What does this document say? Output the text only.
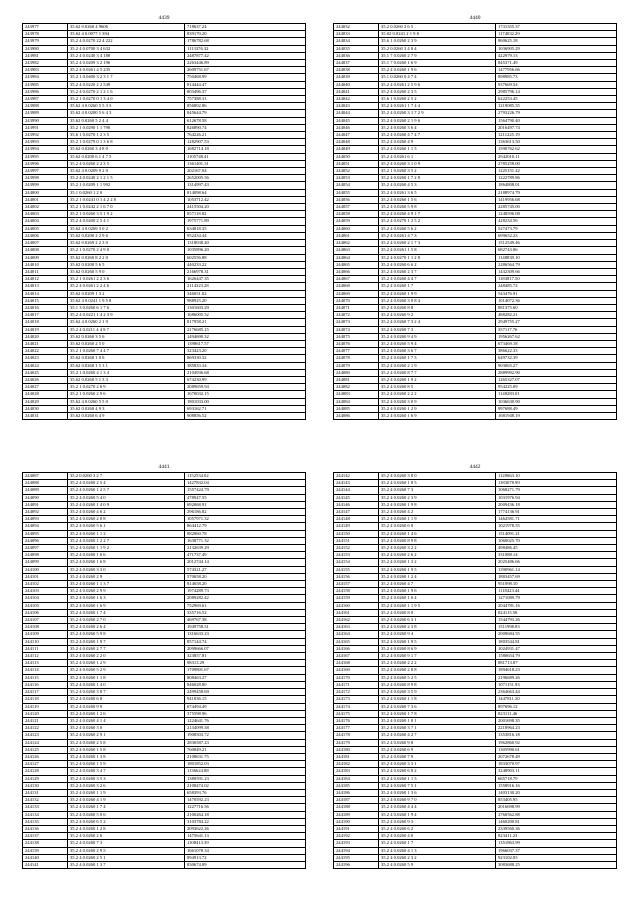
4439
243977	35.62 0.0260 4 9606	718637.24	
243978	35.62 4 0.0077 1 394	839170.20	
243979	35.2 4 0.0270 22 4 222	1786782.68	
243980	35.2 4 0.0700 3 4 632	1113376.32	
243981	35.2 4 0.0240 3 4 188	2487877.42	
243982	35.2 4 0.0209 3 2 196	2263446.89	
243983	35.2 4 0.0261 4 5 235	2609751.67	
243984	35.2 1 0.0400 3 2 3 1 7	750468.99	
243985	35.2 4 0.0220 2 2 549	814444.47	
243986	35.2 4 0.0270 2 1 2 1 6	803496.37	
243987	35.2 1 0.0270 0 1 3 4 0	757388.31	
243988	35.62 4 0.0260 5 5 3 3	856802.86	
243989	35.62 4 0.0200 5 6 4 3	845644.79	
243990	35.62 0.0260 5 2 4 4	612678.58	
243991	35.2 1 0.0290 1 1 790	826890.74	
243992	35.6 1 0.0270 1 2 3 5	764226.21	
243993	35.2 1 0.0279 0 1 3 6 8	1282907.53	
243994	35.62 0.0260 3 4 8 0	1682714.18	
243995	35.62 0.0200 6 1 4 7 5	1105748.41	
243996	35.2 4 0.0260 2 2 3 5	1361401.31	
243997	35.62 4 0.0209 9 2 0	202167.04	
243998	35.2 4 0.0240 2 1 2 1 5	2652005.56	
243999	35.2 1 0.0209 1 1 992	1314997.43	
244000	35.1 0.0260 1 2 0	814098.64	
244001	35.2 1 0.0241 0 1 4 2 2 8	1053712.42	
244002	35.2 1 0.0242 2 1 6 7 0	2415504.20	
244003	35.2 1 0.0260 3 5 1 9 2	857118.82	
244004	35.2 4 0.0200 2 5 4 1	1975771.89	
244005	35.62 4 0.0269 3 0 2	634818.35	
244006	35.62 0.0200 2 2 9 6	952434.44	
244007	35.62 0.0269 2 2 3 0	1318038.40	
244008	35.2 1 0.0270 2 4 9 0	1035896.20	
244009	35.62 0.0260 8 2 2 0	602556.88	
244010	35.62 0.0200 5 6 5	440233.22	
244011	35.62 0.0260 5 9 0	2166978.31	
244012	35.2 1 0.0261 2 2 3 6	1626447.35	
244013	35.2 4 0.0261 2 2 4 6	2114323.28	
244014	35.62 0.0209 1 3 2	346051.02	
244015	35.62 4 0.0241 1 9 5 8	988925.20	
244016	35.1 3 0.0260 6 1 7 6	1301603.29	
244017	35.2 4 0.0221 1 4 2 3 9	1686005.52	
244018	35.62 4 0.0260 2 1 9	817958.21	
244019	35.2 4 0.0211 4 4 9 7	2176685.15	
244020	35.62 0.0260 3 5 6	1494690.32	
244021	35.62 0.0260 2 5 0	1398617.57	
244022	35.2 1 0.0260 7 4 4 7	323423.20	
244023	35.62 0.0260 1 0 6	869330.32	
244024	35.62 0.0260 1 5 3 1	385833.34	
244025	35.2 1 0.0260 4 1 3 4	2104936.68	
244026	35.62 0.0260 5 1 3 3	674230.99	
244027	35.2 1 0.0270 2 6 9	2089659.94	
244028	35.2 1 0.0260 2 9 6	1670032.15	
244029	35.62 4 0.0260 5 5 0	1801033.00	
244030	35.62 0.0260 4 9 3	693162.71	
244031	35.62 0.0260 6 4 9	908856.52	
4440
244032	35.2 0.0260 2 6 5	1731355.37	
244033	35.02 0.0241 2 1 9 8	1174032.29	
244034	35.6 1 0.0260 2 3 9	860625.18	
244035	35.2 0.0260 3 4 0 4	1036905.29	
244036	35.1 7 0.0260 2 7 9	422979.13	
244037	35.1 7 0.0260 1 6 9	845371.49	
244038	35.2 4 0.0260 1 9 6	1477956.66	
244039	35.1 0.0260 0 4 7 4	898985.73	
244040	35.2 4 0.0261 2 5 9 6	937669.54	
244041	35.2 4 0.0260 2 3 5	2985796.14	
244042	35.6 1 0.0260 2 5 2	622253.45	
244043	35.2 4 0.0261 1 7 4 4	1219085.55	
244044	35.2 4 0.0260 3 1 7 2 9	2793226.79	
244045	35.2 4 0.0260 2 1 9 6	1564790.40	
244046	35.2 4 0.0260 3 6 4	2016497.74	
244047	35.2 4 0.0260 4 7 4 7	1211225.19	
244048	35.2 4 0.0260 4 9	1363613.50	
244049	35.2 4 0.0260 1 1 5	1590762.62	
244050	35.2 4 0.0261 6 1	2942010.11	
244051	35.2 4 0.0260 3 1 0 9	2785258.00	
244052	35.2 1 0.0260 3 5 2	1225151.42	
244053	35.2 4 0.0260 1 7 2 8	1222789.86	
244054	35.2 4 0.0260 4 5 3	1864808.01	
244055	35.2 4 0.0261 3 6 5	2188974.79	
244056	35.2 4 0.0260 1 5 6	1419956.68	
244057	35.2 4 0.0260 5 9 8	2285745.00	
244058	35.2 4 0.0260 4 9 1 7	1248596.08	
244059	35.2 4 0.0270 1 2 5 2	428234.56	
244060	35.2 4 0.0260 5 6 2	527473.79	
244061	35.2 4 0.0261 4 7 3	699652.23	
244062	35.2 4 0.0260 2 1 7 3	1512549.46	
244063	35.2 4 0.0261 1 5 8	682743.06	
244064	35.2 4 0.0270 1 1 2 8	1148839.10	
244065	35.2 4 0.0260 6 6 2	2286564.79	
244066	35.2 4 0.0260 2 3 7	1432309.66	
244067	35.2 4 0.0260 4 4 7	1183817.50	
244068	35.2 4 0.0260 1 7	248485.72	
244069	35.2 4 0.0260 1 9 9	543476.91	
244070	35.2 4 0.0260 3 9 8 4	1014072.36	
244071	35.2 4 0.0260 8 8	881375.60	
244072	35.2 4 0.0260 9 2	488282.21	
244073	35.2 4 0.0260 7 3 2 4	2949755.27	
244074	35.2 4 0.0260 7 3	357117.76	
244075	35.2 4 0.0260 9 4 9	1956267.62	
244076	35.2 4 0.0260 5 9 4	673469.18	
244077	35.2 4 0.0260 3 6 7	386622.33	
244078	35.2 4 0.0260 1 7 3	649732.39	
244079	35.2 4 0.0260 2 1 9	903065.27	
244080	35.2 4 0.0260 8 7 7	2889992.90	
244081	35.2 4 0.0260 1 9 2	1265327.07	
244082	35.2 4 0.0260 8 5	954225.09	
244083	35.2 4 0.0260 2 2 2	1148283.01	
244084	35.2 4 0.0260 3 0 9	1036630.90	
244085	35.2 4 0.0260 1 2 9	997688.49	
244086	35.2 4 0.0260 1 6 9	1681948.19	
4441
244087	35.2 0.0260 3 2 7	1152534.02	
244088	35.2 4 0.0260 2 5 4	1427832.04	
244089	35.2 4 0.0260 1 2 5 7	1557424.79	
244090	35.2 4 0.0260 5 4 0	478947.55	
244091	35.2 4 0.0260 1 4 0 9	692068.91	
244092	35.2 4 0.0260 4 6 2	296186.82	
244093	35.2 4 0.0260 2 0 8	1057971.32	
244094	35.2 4 0.0260 5 6 1	864412.79	
244095	35.2 4 0.0260 1 1 2	882860.78	
244096	35.2 4 0.0260 1 2 2 7	1638771.32	
244097	35.2 4 0.0260 1 1 9 2	2132639.29	
244098	35.2 4 0.0260 1 6 6	471737.49	
244099	35.2 4 0.0260 1 6 8	2012744.14	
244100	35.2 4 0.0260 3 3 0	574321.27	
244101	35.2 4 0.0260 2 9	570658.20	
244102	35.2 4 0.0260 1 1 3 7	814658.20	
244103	35.2 4 0.0260 2 9 9	1974289.73	
244104	35.2 4 0.0260 1 6 3	2089282.42	
244105	35.2 4 0.0260 1 6 9	752969.61	
244106	35.2 4 0.0260 1 7 4	335716.52	
244107	35.2 4 0.0260 2 7 0	469767.38	
244108	35.2 4 0.0260 2 6 4	1949758.31	
244109	35.2 4 0.0260 5 9 8	1316633.23	
244110	35.2 4 0.0260 1 9 7	857144.74	
244111	35.2 4 0.0260 2 7 7	2099666.07	
244112	35.2 4 0.0260 2 2 0	323857.81	
244113	35.2 4 0.0260 1 2 9	98313.29	
244114	35.2 4 0.0260 5 2 9	1709801.67	
244115	35.2 4 0.0260 1 1 8	808463.27	
244116	35.2 4 0.0260 1 4 0	846028.80	
244117	35.2 4 0.0260 3 8 7	2499458.69	
244118	35.2 4 0.0260 6 8	941836.15	
244119	35.2 4 0.0260 9 9	674494.49	
244120	35.2 4 0.0260 1 2 6	375598.96	
244121	35.2 4 0.0260 4 1 4	1224641.76	
244122	35.2 4 0.0260 3 0	2134099.38	
244123	35.2 4 0.0260 2 9 1	1908503.72	
244124	35.2 4 0.0260 2 5 8	2830587.23	
244125	35.2 4 0.0260 1 5 8	760849.21	
244126	35.2 4 0.0260 1 3 8	2108631.75	
244127	35.2 4 0.0260 1 5 9	1801852.03	
244128	35.2 4 0.0260 3 4 7	1136624.88	
244129	35.2 4 0.0260 3 5 3	1380591.23	
244130	35.2 4 0.0260 3 2 6	2108474.02	
244131	35.2 4 0.0260 1 1 9	658393.76	
244132	35.2 4 0.0260 4 1 9	1470592.23	
244133	35.2 4 0.0260 1 7 4	1227716.56	
244134	35.2 4 0.0260 5 0 6	2100264.18	
244135	35.2 4 0.0260 6 5 2	3103784.22	
244136	35.2 4 0.0260 1 2 8	2093622.26	
244137	35.2 4 0.0260 2 6	1475641.13	
244138	35.2 4 0.0260 7 3	1108413.39	
244139	35.2 4 0.0260 2 9 5	1661078.34	
244140	35.2 4 0.0260 2 5 1	894913.72	
244141	35.2 4 0.0260 1 3 7	830674.09	
4442
244142	35.2 4 0.0260 3 8 0	1120663.10	
244143	35.2 4 0.0260 1 8 5	1183078.99	
244144	35.2 4 0.0260 7 3	1068271.79	
244145	35.2 4 0.0260 2 3 9	1031976.94	
244146	35.2 4 0.0260 1 9 8	2009436.18	
244147	35.2 4 0.0260 4 2	1774136.91	
244148	35.2 4 0.0260 1 1 9	1464581.71	
244149	35.2 4 0.0260 6 8	1021978.55	
244150	35.2 4 0.0260 1 4 6	1514091.21	
244151	35.2 4 0.0260 8 9 8	1060025.70	
244152	35.2 4 0.0260 3 2 2	498486.45	
244153	35.2 4 0.0260 2 6 2	331088.14	
244154	35.2 4 0.0260 1 3 2	2025486.66	
244155	35.2 4 0.0260 1 9 5	1390961.14	
244156	35.2 4 0.0260 1 2 4	1883457.69	
244157	35.2 4 0.0260 4 7	951098.10	
244158	35.2 4 0.0260 1 9 6	1118423.44	
244159	35.2 4 0.0260 1 6 4	1271089.79	
244160	35.2 4 0.0260 1 1 9 5	2044781.16	
244161	35.2 4 0.0260 8 0	824115.58	
244162	35.2 4 0.0260 6 3 1	1544793.26	
244163	35.2 4 0.0260 2 3 8	1511998.83	
244164	35.2 4 0.0260 9 4	2009684.55	
244165	35.2 4 0.0260 1 9 5	1803544.81	
244166	35.2 4 0.0260 8 6 9	1024931.47	
244167	35.2 4 0.0260 9 1 7	1580654.79	
244168	35.2 4 0.0260 2 2 2	881713.87	
244169	35.2 4 0.0260 2 8 8	1894618.23	
244170	35.2 4 0.0260 5 2 5	2196689.26	
244171	35.2 4 0.0260 8 9 8	1071151.93	
244172	35.2 4 0.0260 3 5 9	2364663.44	
244173	35.2 4 0.0260 1 1 8	1447811.20	
244174	35.2 4 0.0260 7 3 6	897696.12	
244175	35.2 4 0.0260 1 7 8	823111.46	
244176	35.2 4 0.0260 1 0 1	2001698.35	
244177	35.2 4 0.0260 3 7 1	2218964.23	
244178	35.2 4 0.0260 4 2 7	1353816.18	
244179	35.2 4 0.0260 9 8	1962860.92	
244180	35.2 4 0.0260 6 9	1305990.61	
244181	35.2 4 0.0260 7 9	2072678.49	
244182	35.2 4 0.0260 3 3 1	1833070.97	
244183	35.2 4 0.0260 6 8 2	3248903.11	
244184	35.2 4 0.0260 1 1 5	665718.79	
244185	35.2 4 0.0260 7 5 1	1558916.16	
244186	35.2 4 0.0260 1 3 6	1403130.20	
244187	35.2 4 0.0260 9 7 0	853405.95	
244188	35.2 4 0.0260 4 4 4	2016698.99	
244189	35.2 4 0.0260 1 9 4	2760562.88	
244190	35.2 4 0.0260 9 3	1460200.81	
244191	35.2 4 0.0260 6 2	2339560.36	
244192	35.2 4 0.0260 4 0	823411.23	
244193	35.2 4 0.0260 1 7	1351863.99	
244194	35.2 4 0.0260 4 1 3	1966037.37	
244195	35.2 4 0.0260 2 3 2	923102.83	
244196	35.2 4 0.0260 5 9	3083688.25	
